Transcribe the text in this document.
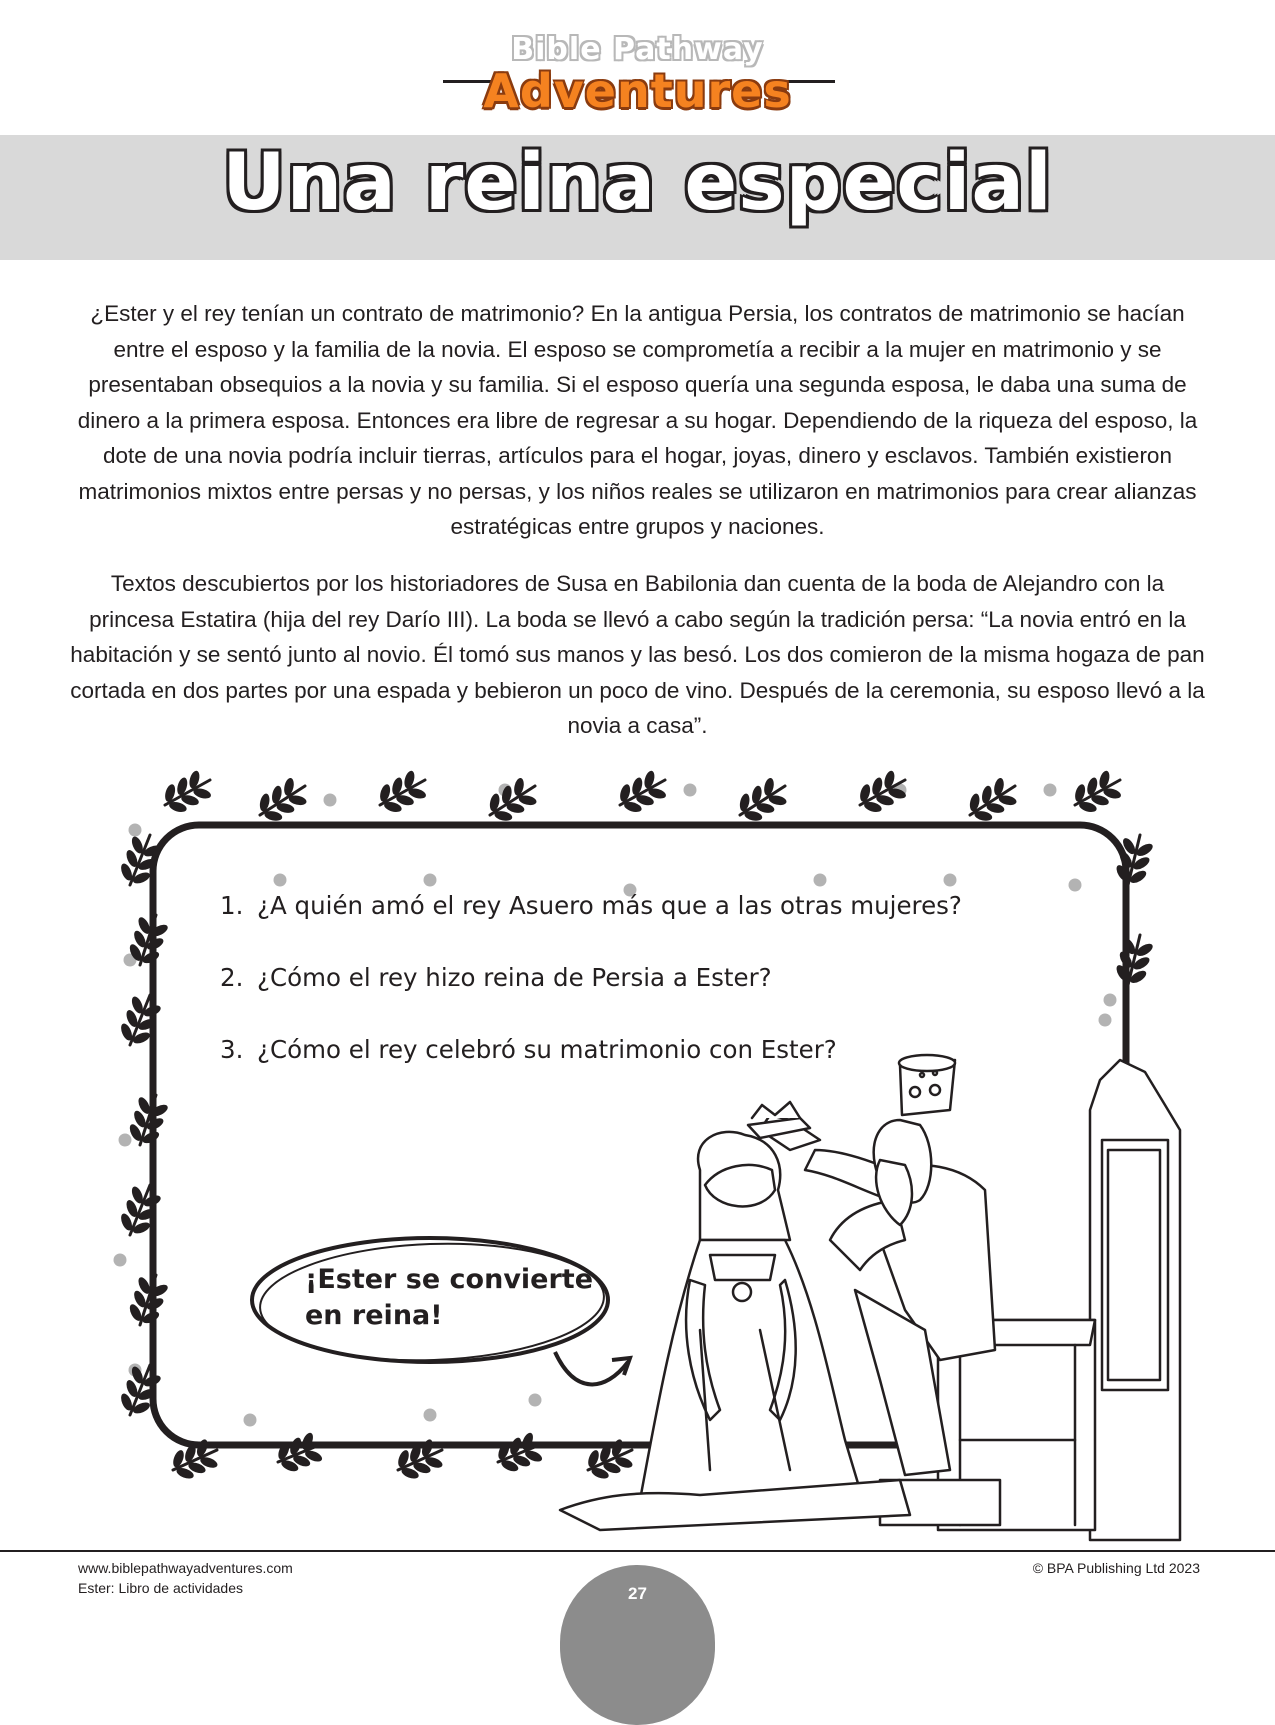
Bible Pathway
Adventures
Una reina especial

¿Ester y el rey tenían un contrato de matrimonio? En la antigua Persia, los contratos de matrimonio se hacían entre el esposo y la familia de la novia. El esposo se comprometía a recibir a la mujer en matrimonio y se presentaban obsequios a la novia y su familia. Si el esposo quería una segunda esposa, le daba una suma de dinero a la primera esposa. Entonces era libre de regresar a su hogar. Dependiendo de la riqueza del esposo, la dote de una novia podría incluir tierras, artículos para el hogar, joyas, dinero y esclavos. También existieron matrimonios mixtos entre persas y no persas, y los niños reales se utilizaron en matrimonios para crear alianzas estratégicas entre grupos y naciones.

Textos descubiertos por los historiadores de Susa en Babilonia dan cuenta de la boda de Alejandro con la princesa Estatira (hija del rey Darío III). La boda se llevó a cabo según la tradición persa: “La novia entró en la habitación y se sentó junto al novio. Él tomó sus manos y las besó. Los dos comieron de la misma hogaza de pan cortada en dos partes por una espada y bebieron un poco de vino. Después de la ceremonia, su esposo llevó a la novia a casa”.

1. ¿A quién amó el rey Asuero más que a las otras mujeres?
2. ¿Cómo el rey hizo reina de Persia a Ester?
3. ¿Cómo el rey celebró su matrimonio con Ester?
¡Ester se convierte en reina!
www.biblepathwayadventures.com
Ester: Libro de actividades
© BPA Publishing Ltd 2023
27
